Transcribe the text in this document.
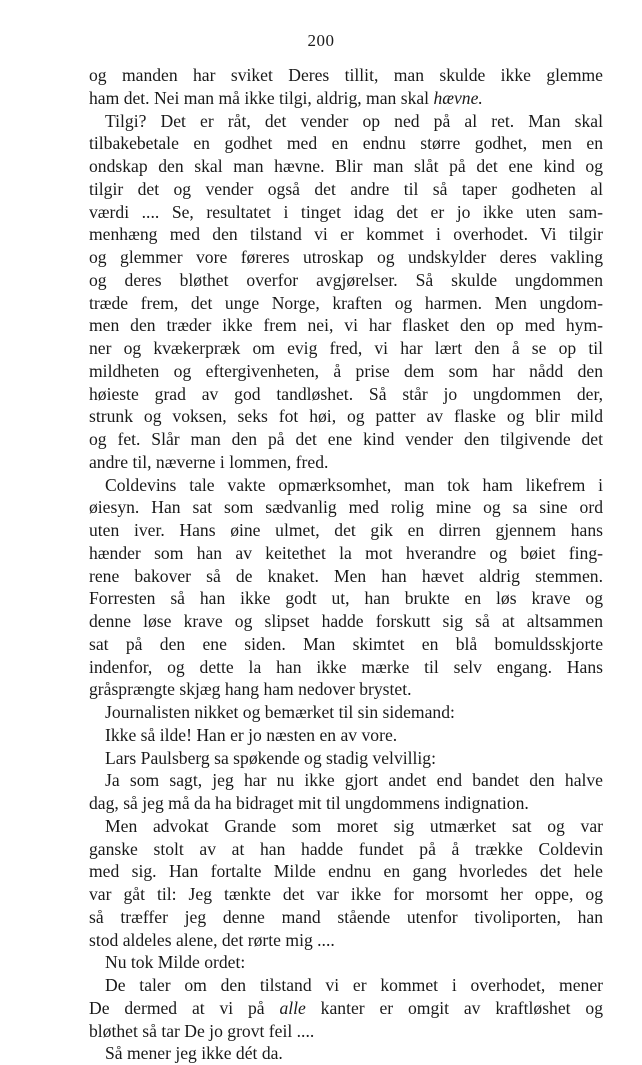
200
og manden har sviket Deres tillit, man skulde ikke glemme
ham det. Nei man må ikke tilgi, aldrig, man skal hævne.
Tilgi? Det er råt, det vender op ned på al ret. Man skal
tilbakebetale en godhet med en endnu større godhet, men en
ondskap den skal man hævne. Blir man slåt på det ene kind og
tilgir det og vender også det andre til så taper godheten al
værdi .... Se, resultatet i tinget idag det er jo ikke uten sam-
menhæng med den tilstand vi er kommet i overhodet. Vi tilgir
og glemmer vore føreres utroskap og undskylder deres vakling
og deres bløthet overfor avgjørelser. Så skulde ungdommen
træde frem, det unge Norge, kraften og harmen. Men ungdom-
men den træder ikke frem nei, vi har flasket den op med hym-
ner og kvækerpræk om evig fred, vi har lært den å se op til
mildheten og eftergivenheten, å prise dem som har nådd den
høieste grad av god tandløshet. Så står jo ungdommen der,
strunk og voksen, seks fot høi, og patter av flaske og blir mild
og fet. Slår man den på det ene kind vender den tilgivende det
andre til, næverne i lommen, fred.
Coldevins tale vakte opmærksomhet, man tok ham likefrem i
øiesyn. Han sat som sædvanlig med rolig mine og sa sine ord
uten iver. Hans øine ulmet, det gik en dirren gjennem hans
hænder som han av keitethet la mot hverandre og bøiet fing-
rene bakover så de knaket. Men han hævet aldrig stemmen.
Forresten så han ikke godt ut, han brukte en løs krave og
denne løse krave og slipset hadde forskutt sig så at altsammen
sat på den ene siden. Man skimtet en blå bomuldsskjorte
indenfor, og dette la han ikke mærke til selv engang. Hans
gråsprængte skjæg hang ham nedover brystet.
Journalisten nikket og bemærket til sin sidemand:
Ikke så ilde! Han er jo næsten en av vore.
Lars Paulsberg sa spøkende og stadig velvillig:
Ja som sagt, jeg har nu ikke gjort andet end bandet den halve
dag, så jeg må da ha bidraget mit til ungdommens indignation.
Men advokat Grande som moret sig utmærket sat og var
ganske stolt av at han hadde fundet på å trække Coldevin
med sig. Han fortalte Milde endnu en gang hvorledes det hele
var gåt til: Jeg tænkte det var ikke for morsomt her oppe, og
så træffer jeg denne mand stående utenfor tivoliporten, han
stod aldeles alene, det rørte mig ....
Nu tok Milde ordet:
De taler om den tilstand vi er kommet i overhodet, mener
De dermed at vi på alle kanter er omgit av kraftløshet og
bløthet så tar De jo grovt feil ....
Så mener jeg ikke dét da.
